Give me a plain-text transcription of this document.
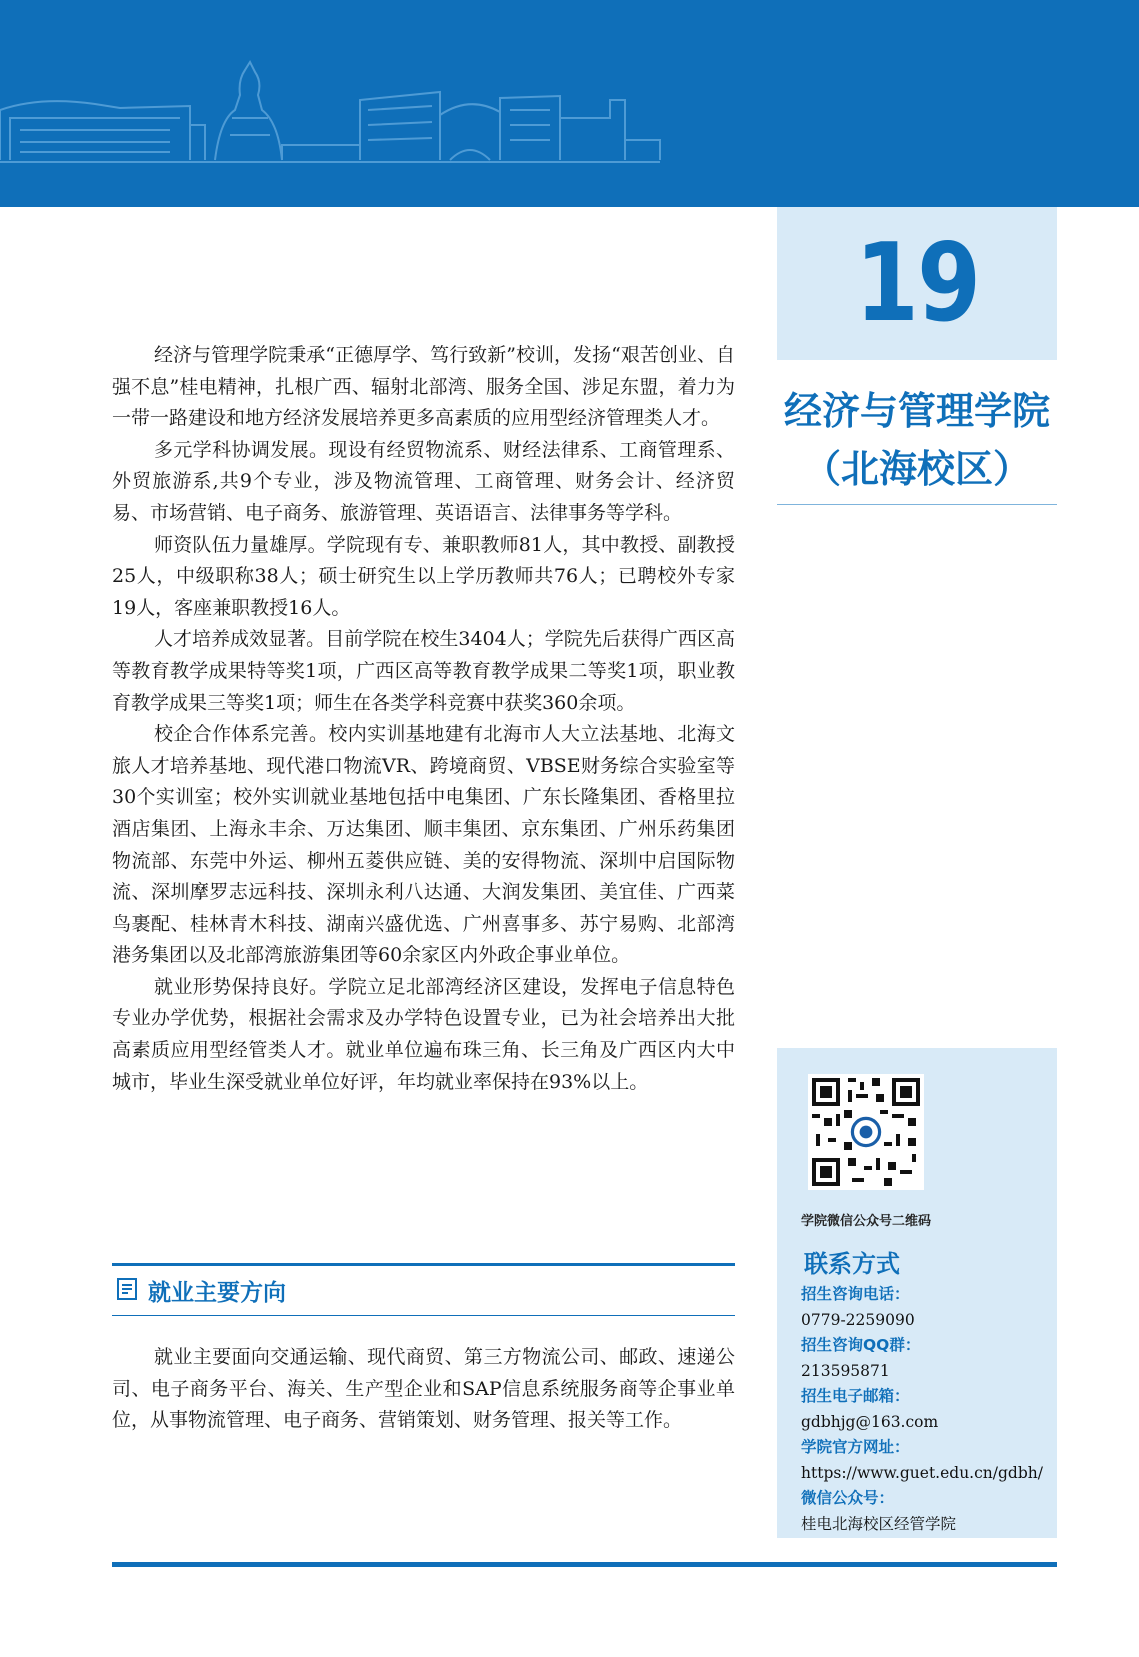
19
经济与管理学院
（北海校区）

经济与管理学院秉承“正德厚学、笃行致新”校训，发扬“艰苦创业、自强不息”桂电精神，扎根广西、辐射北部湾、服务全国、涉足东盟，着力为一带一路建设和地方经济发展培养更多高素质的应用型经济管理类人才。

多元学科协调发展。现设有经贸物流系、财经法律系、工商管理系、外贸旅游系,共9个专业，涉及物流管理、工商管理、财务会计、经济贸易、市场营销、电子商务、旅游管理、英语语言、法律事务等学科。

师资队伍力量雄厚。学院现有专、兼职教师81人，其中教授、副教授25人，中级职称38人；硕士研究生以上学历教师共76人；已聘校外专家19人，客座兼职教授16人。

人才培养成效显著。目前学院在校生3404人；学院先后获得广西区高等教育教学成果特等奖1项，广西区高等教育教学成果二等奖1项，职业教育教学成果三等奖1项；师生在各类学科竞赛中获奖360余项。

校企合作体系完善。校内实训基地建有北海市人大立法基地、北海文旅人才培养基地、现代港口物流VR、跨境商贸、VBSE财务综合实验室等30个实训室；校外实训就业基地包括中电集团、广东长隆集团、香格里拉酒店集团、上海永丰余、万达集团、顺丰集团、京东集团、广州乐药集团物流部、东莞中外运、柳州五菱供应链、美的安得物流、深圳中启国际物流、深圳摩罗志远科技、深圳永利八达通、大润发集团、美宜佳、广西菜鸟裹配、桂林青木科技、湖南兴盛优选、广州喜事多、苏宁易购、北部湾港务集团以及北部湾旅游集团等60余家区内外政企事业单位。

就业形势保持良好。学院立足北部湾经济区建设，发挥电子信息特色专业办学优势，根据社会需求及办学特色设置专业，已为社会培养出大批高素质应用型经管类人才。就业单位遍布珠三角、长三角及广西区内大中城市，毕业生深受就业单位好评，年均就业率保持在93%以上。

就业主要方向

就业主要面向交通运输、现代商贸、第三方物流公司、邮政、速递公司、电子商务平台、海关、生产型企业和SAP信息系统服务商等企事业单位，从事物流管理、电子商务、营销策划、财务管理、报关等工作。

学院微信公众号二维码
联系方式
招生咨询电话：
0779-2259090
招生咨询QQ群：
213595871
招生电子邮箱：
gdbhjg@163.com
学院官方网址：
https://www.guet.edu.cn/gdbh/
微信公众号：
桂电北海校区经管学院
